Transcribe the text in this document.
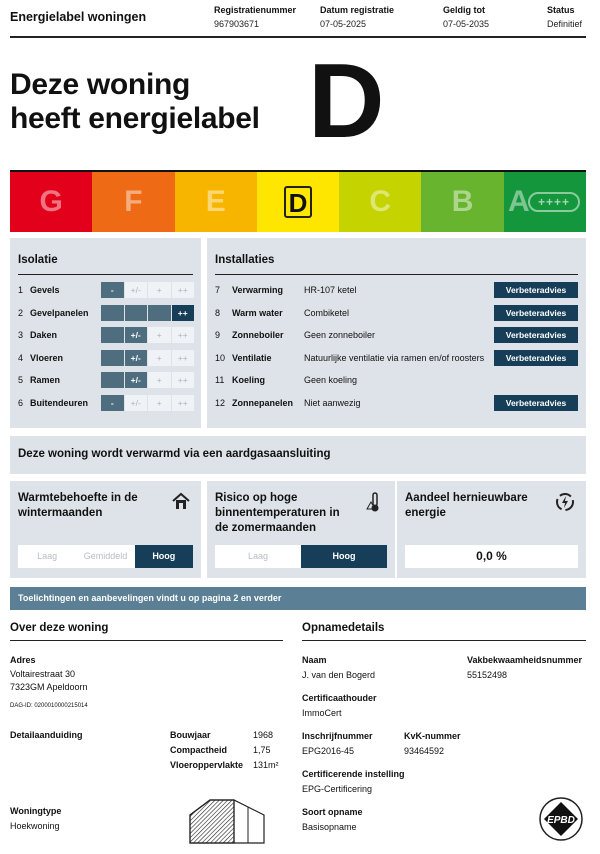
Energielabel woningen	Registratienummer
967903671
Datum registratie
07-05-2025
Geldig tot
07-05-2035
Status
Definitief
Deze woning
heeft energielabel D
G F E D C B A ++++
Isolatie
1 Gevels	-	+/-	+	++
2 Gevelpanelen	++
3 Daken	+/-	+	++
4 Vloeren	+/-	+	++
5 Ramen	+/-	+	++
6 Buitendeuren	-	+/-	+	++
Installaties
7	Verwarming HR-107 ketel	Verbeteradvies
8	Warm water Combiketel	Verbeteradvies
9	Zonneboiler Geen zonneboiler	Verbeteradvies
10 Ventilatie	Natuurlijke ventilatie via ramen en/of roosters	Verbeteradvies
11 Koeling	Geen koeling
12 Zonnepanelen Niet aanwezig	Verbeteradvies
Deze woning wordt verwarmd via een aardgasaansluiting
Warmtebehoefte in de wintermaanden
Laag	Gemiddeld	Hoog
Risico op hoge binnentemperaturen in de zomermaanden
Laag	Hoog
Aandeel hernieuwbare energie
0,0 %
Toelichtingen en aanbevelingen vindt u op pagina 2 en verder
Over deze woning
Adres
Voltairestraat 30
7323GM Apeldoorn
DAG-ID: 0200010000215014
Detailaanduiding	Bouwjaar	1968
Compactheid	1,75
Vloeroppervlakte 131m²
Woningtype
Hoekwoning
Opnamedetails
Naam
J. van den Bogerd
Vakbekwaamheidsnummer
55152498
Certificaathouder
ImmoCert
Inschrijfnummer
EPG2016-45
KvK-nummer
93464592
Certificerende instelling
EPG-Certificering
Soort opname
Basisopname
EPBD
